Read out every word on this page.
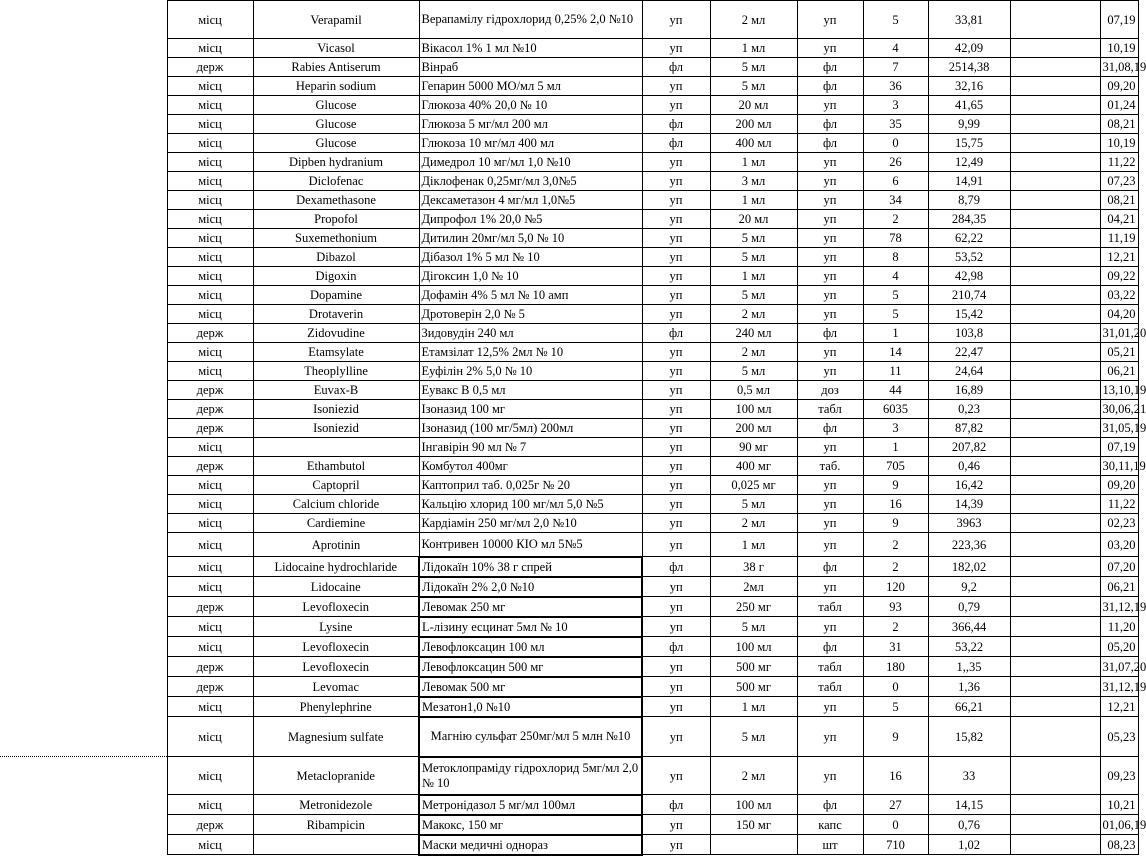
	місц	Verapamil	Верапамілу гідрохлорид 0,25% 2,0 №10	уп	2 мл	уп	5	33,81		07,19
	місц	Vicasol	Вікасол 1% 1 мл №10	уп	1 мл	уп	4	42,09		10,19
	держ	Rabies Antiserum	Вінраб	фл	5 мл	фл	7	2514,38		31,08,19
	місц	Heparin sodium	Гепарин 5000 МО/мл 5 мл	уп	5 мл	фл	36	32,16		09,20
	місц	Glucose	Глюкоза 40% 20,0 № 10	уп	20 мл	уп	3	41,65		01,24
	місц	Glucose	Глюкоза 5 мг/мл 200 мл	фл	200 мл	фл	35	9,99		08,21
	місц	Glucose	Глюкоза 10 мг/мл 400 мл	фл	400 мл	фл	0	15,75		10,19
	місц	Dipben hydranium	Димедрол 10 мг/мл 1,0 №10	уп	1 мл	уп	26	12,49		11,22
	місц	Diclofenac	Діклофенак 0,25мг/мл 3,0№5	уп	3 мл	уп	6	14,91		07,23
	місц	Dexamethasone	Дексаметазон 4 мг/мл 1,0№5	уп	1 мл	уп	34	8,79		08,21
	місц	Propofol	Дипрофол 1% 20,0 №5	уп	20 мл	уп	2	284,35		04,21
	місц	Suxemethonium	Дитилин 20мг/мл 5,0 № 10	уп	5 мл	уп	78	62,22		11,19
	місц	Dibazol	Дібазол 1% 5 мл № 10	уп	5 мл	уп	8	53,52		12,21
	місц	Digoxin	Дігоксин 1,0 № 10	уп	1 мл	уп	4	42,98		09,22
	місц	Dopamine	Дофамін 4% 5 мл № 10 амп	уп	5 мл	уп	5	210,74		03,22
	місц	Drotaverin	Дротоверін 2,0 № 5	уп	2 мл	уп	5	15,42		04,20
	держ	Zidovudine	Зидовудін 240 мл	фл	240 мл	фл	1	103,8		31,01,20
	місц	Etamsylate	Етамзілат 12,5% 2мл № 10	уп	2 мл	уп	14	22,47		05,21
	місц	Theoplylline	Еуфілін 2% 5,0 № 10	уп	5 мл	уп	11	24,64		06,21
	держ	Euvax-B	Еувакс В 0,5 мл	уп	0,5 мл	доз	44	16,89		13,10,19
	держ	Isoniezid	Ізоназид 100 мг	уп	100 мл	табл	6035	0,23		30,06,21
	держ	Isoniezid	Ізоназид (100 мг/5мл) 200мл	уп	200 мл	фл	3	87,82		31,05,19
	місц		Інгавірін 90 мл № 7	уп	90 мг	уп	1	207,82		07,19
	держ	Ethambutol	Комбутол 400мг	уп	400 мг	таб.	705	0,46		30,11,19
	місц	Captopril	Каптоприл таб. 0,025г № 20	уп	0,025 мг	уп	9	16,42		09,20
	місц	Calcium chloride	Кальцію хлорид 100 мг/мл 5,0 №5	уп	5 мл	уп	16	14,39		11,22
	місц	Cardiemine	Кардіамін 250 мг/мл 2,0 №10	уп	2 мл	уп	9	3963		02,23
	місц	Aprotinin	Контривен 10000 КІО мл 5№5	уп	1 мл	уп	2	223,36		03,20
	місц	Lidocaine hydrochlaride	Лідокаїн 10% 38 г спрей	фл	38 г	фл	2	182,02		07,20
	місц	Lidocaine	Лідокаїн 2% 2,0 №10	уп	2мл	уп	120	9,2		06,21
	держ	Levofloxecin	Левомак 250 мг	уп	250 мг	табл	93	0,79		31,12,19
	місц	Lysine	L-лізину есцинат 5мл № 10	уп	5 мл	уп	2	366,44		11,20
	місц	Levofloxecin	Левофлоксацин 100 мл	фл	100 мл	фл	31	53,22		05,20
	держ	Levofloxecin	Левофлоксацин 500 мг	уп	500 мг	табл	180	1,,35		31,07,20
	держ	Levomac	Левомак 500 мг	уп	500 мг	табл	0	1,36		31,12,19
	місц	Phenylephrine	Мезатон1,0 №10	уп	1 мл	уп	5	66,21		12,21
	місц	Magnesium sulfate	Магнію сульфат 250мг/мл 5 млн №10	уп	5 мл	уп	9	15,82		05,23
	місц	Metaclopranide	Метоклопраміду гідрохлорид 5мг/мл 2,0 № 10	уп	2 мл	уп	16	33		09,23
	місц	Metronidezole	Метронідазол 5 мг/мл 100мл	фл	100 мл	фл	27	14,15		10,21
	держ	Ribampicin	Макокс, 150 мг	уп	150 мг	капс	0	0,76		01,06,19
	місц		Маски медичні однораз	уп		шт	710	1,02		08,23
